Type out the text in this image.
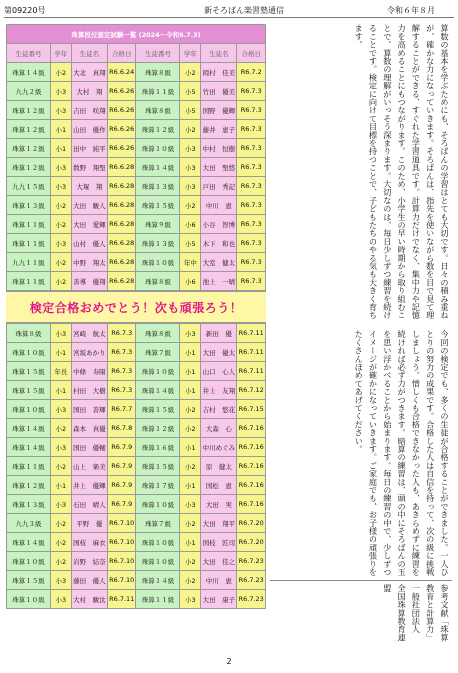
第09220号	新そろばん楽習塾通信	令和６年８月
珠算段位認定試験一覧 (2024～令和6.7.3)							
生徒番号	学年	生徒名	合格日	生徒番号	学年	生徒名	合格日
珠算１４級	小2	大北　真翔	R6.6.24	珠算８級	小2	岡村　佳美	R6.7.2
九九２級	小3	大村　翔	R6.6.26	珠算１１級	小5	竹田　優美	R6.7.3
珠算１２級	小3	吉田　咲翔	R6.6.26	珠算８級	小5	国野　優輝	R6.7.3
珠算１２級	小1	山田　優作	R6.6.26	珠算１２級	小2	藤井　恵子	R6.7.3
珠算１２級	小1	田中　純平	R6.6.26	珠算１０級	小3	中村　恒樹	R6.7.3
珠算１２級	小3	数野　翔聖	R6.6.28	珠算１４級	小3	大田　聖悠	R6.7.3
九九１５級	小3	大塚　翔	R6.6.28	珠算１３級	小3	戸田　秀記	R6.7.3
珠算１３級	小2	大田　駿人	R6.6.28	珠算１５級	小2	中川　恵	R6.7.3
珠算１１級	小2	大田　愛輝	R6.6.28	珠算９級	小6	小谷　智博	R6.7.3
珠算１１級	小3	山村　優人	R6.6.28	珠算１３級	小5	木下　和也	R6.7.3
九九１１級	小2	中野　翔太	R6.6.28	珠算１０級	年中	大室　健太	R6.7.3
珠算１１級	小2	善導　優翔	R6.6.28	珠算８級	小6	池上　一晴	R6.7.3
検定合格おめでとう！次も頑張ろう！
珠算８級	小3	宮崎　航太	R6.7.3	珠算８級	小3	新田　優	R6.7.11
珠算１０級	小1	宮坂あかり	R6.7.3	珠算７級	小1	大田　優太	R6.7.11
珠算１５級	年長	中條　寿陽	R6.7.3	珠算１０級	小1	山口　心人	R6.7.11
珠算１５級	小1	村田　大樹	R6.7.3	珠算１４級	小1	井上　友翔	R6.7.12
珠算１０級	小3	国田　善輝	R6.7.7	珠算１５級	小2	吉村　悠花	R6.7.15
珠算１４級	小2	森本　真優	R6.7.8	珠算１２級	小2	大森　心	R6.7.16
珠算１４級	小3	国田　優輔	R6.7.9	珠算１６級	小1	中川めぐみ	R6.7.16
珠算１１級	小2	山上　楽美	R6.7.9	珠算１５級	小2	原　健太	R6.7.16
珠算１２級	小1	井上　優輝	R6.7.9	珠算１７級	小1	国松　恵	R6.7.16
珠算１３級	小3	石田　晴人	R6.7.9	珠算１０級	小3	大田　実	R6.7.16
九九３級	小2	平野　優	R6.7.10	珠算７級	小2	大田　翔平	R6.7.20
珠算１４級	小2	国枝　麻衣	R6.7.10	珠算１０級	小1	国枝　匠司	R6.7.20
珠算１０級	小2	岩野　結奈	R6.7.10	珠算１０級	小2	大田　佳之	R6.7.23
珠算１５級	小3	藤田　優人	R6.7.10	珠算１４級	小2	中川　恵	R6.7.23
珠算１０級	小3	大村　駿汰	R6.7.11	珠算１１級	小3	大田　康子	R6.7.23
算数の基本を学ぶためにも、そろばんの学習はとても大切です。日々の積み重ねが、確かな力になっていきます。そろばんは、指先を使いながら数を目で見て理解することができる、すぐれた学習道具です。計算力だけでなく、集中力や記憶力を高めることにもつながります。このため、小学生の早い時期から取り組むことで、算数の理解がいっそう深まります。大切なのは、毎日少しずつ練習を続けることです。検定に向けて目標を持つことで、子どもたちのやる気も大きく育ちます。
今回の検定でも、多くの生徒が合格することができました。一人ひとりの努力の成果です。合格した人は自信を持って、次の級に挑戦しましょう。惜しくも合格できなかった人も、あきらめずに練習を続ければ必ず力がつきます。暗算の練習は、頭の中にそろばんの玉を思い浮かべることから始まります。毎日の練習の中で、少しずつイメージが確かになっていきます。ご家庭でも、お子様の頑張りをたくさんほめてあげてください。
参考文献「珠算教育と計算力」　一般社団法人　全国珠算教育連盟
2
